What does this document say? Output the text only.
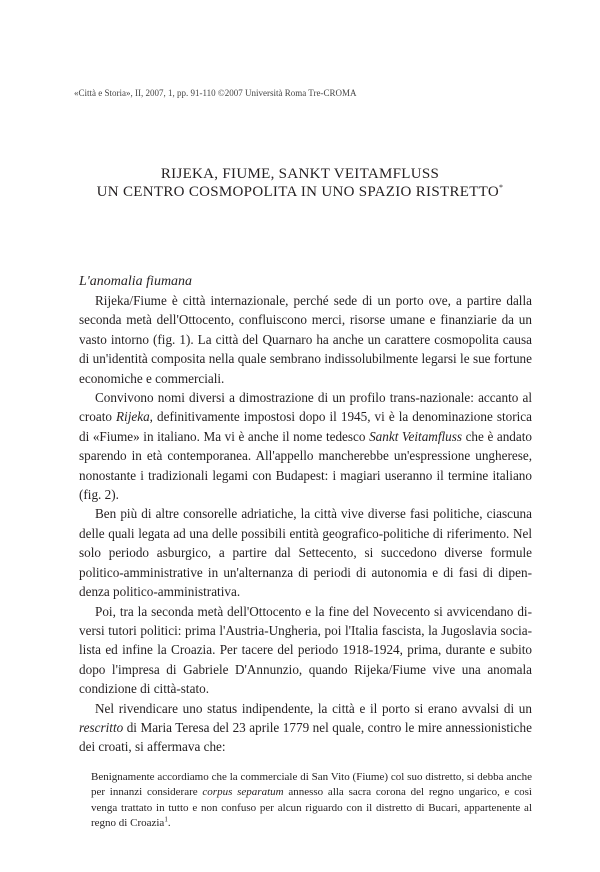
«Città e Storia», II, 2007, 1, pp. 91-110 ©2007 Università Roma Tre-CROMA
RIJEKA, FIUME, SANKT VEITAMFLUSS
UN CENTRO COSMOPOLITA IN UNO SPAZIO RISTRETTO*

L'anomalia fiumana

Rijeka/Fiume è città internazionale, perché sede di un porto ove, a partire dalla seconda metà dell'Ottocento, confluiscono merci, risorse umane e finanziarie da un vasto intorno (fig. 1). La città del Quarnaro ha anche un carattere cosmopolita causa di un'identità composita nella quale sembrano indissolubilmente legarsi le sue fortune economiche e commerciali.

Convivono nomi diversi a dimostrazione di un profilo trans-nazionale: accanto al croato Rijeka, definitivamente impostosi dopo il 1945, vi è la denominazione storica di «Fiume» in italiano. Ma vi è anche il nome tedesco Sankt Veitamfluss che è andato sparendo in età contemporanea. All'appello mancherebbe un'espressione ungherese, nonostante i tradizionali legami con Budapest: i magiari useranno il termine italiano (fig. 2).

Ben più di altre consorelle adriatiche, la città vive diverse fasi politiche, ciascuna delle quali legata ad una delle possibili entità geografico-politiche di riferimento. Nel solo periodo asburgico, a partire dal Settecento, si succedono diverse formule politico-amministrative in un'alternanza di periodi di autonomia e di fasi di dipendenza politico-amministrativa.

Poi, tra la seconda metà dell'Ottocento e la fine del Novecento si avvicendano diversi tutori politici: prima l'Austria-Ungheria, poi l'Italia fascista, la Jugoslavia socialista ed infine la Croazia. Per tacere del periodo 1918-1924, prima, durante e subito dopo l'impresa di Gabriele D'Annunzio, quando Rijeka/Fiume vive una anomala condizione di città-stato.

Nel rivendicare uno status indipendente, la città e il porto si erano avvalsi di un rescritto di Maria Teresa del 23 aprile 1779 nel quale, contro le mire annessionistiche dei croati, si affermava che:

Benignamente accordiamo che la commerciale di San Vito (Fiume) col suo distretto, si debba anche per innanzi considerare corpus separatum annesso alla sacra corona del regno ungarico, e così venga trattato in tutto e non confuso per alcun riguardo con il distretto di Bucari, appartenente al regno di Croazia$^1$.
